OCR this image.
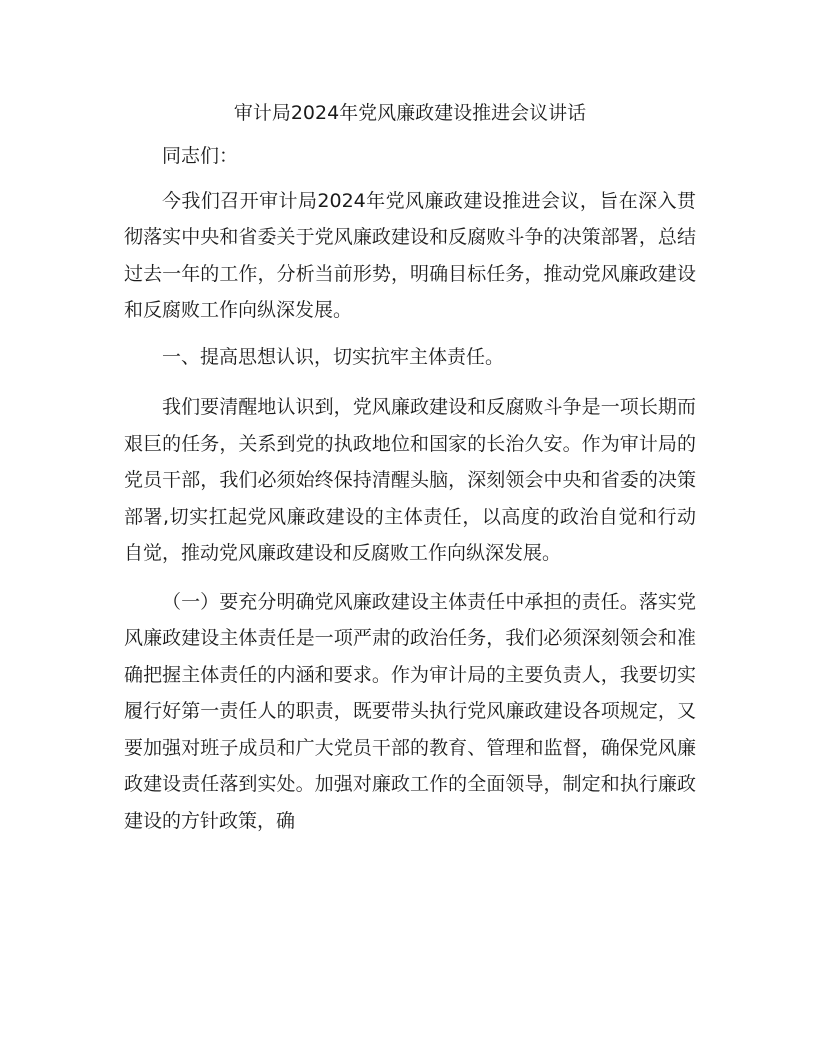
审计局2024年党风廉政建设推进会议讲话

同志们：

今我们召开审计局2024年党风廉政建设推进会议，旨在深入贯彻落实中央和省委关于党风廉政建设和反腐败斗争的决策部署，总结过去一年的工作，分析当前形势，明确目标任务，推动党风廉政建设和反腐败工作向纵深发展。

一、提高思想认识，切实抗牢主体责任。

我们要清醒地认识到，党风廉政建设和反腐败斗争是一项长期而艰巨的任务，关系到党的执政地位和国家的长治久安。作为审计局的党员干部，我们必须始终保持清醒头脑，深刻领会中央和省委的决策部署,切实扛起党风廉政建设的主体责任，以高度的政治自觉和行动自觉，推动党风廉政建设和反腐败工作向纵深发展。

（一）要充分明确党风廉政建设主体责任中承担的责任。落实党风廉政建设主体责任是一项严肃的政治任务，我们必须深刻领会和准确把握主体责任的内涵和要求。作为审计局的主要负责人，我要切实履行好第一责任人的职责，既要带头执行党风廉政建设各项规定，又要加强对班子成员和广大党员干部的教育、管理和监督，确保党风廉政建设责任落到实处。加强对廉政工作的全面领导，制定和执行廉政建设的方针政策，确
